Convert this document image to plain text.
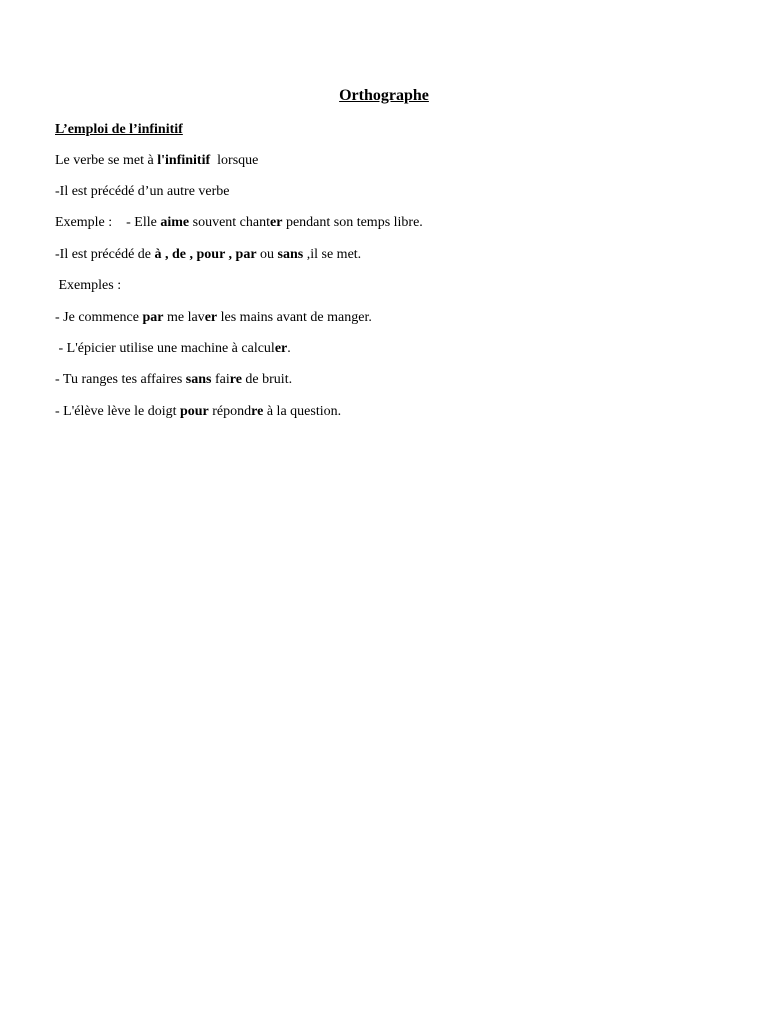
Orthographe
L’emploi de l’infinitif
Le verbe se met à l'infinitif  lorsque
-Il est précédé d’un autre verbe
Exemple :    - Elle aime souvent chanter pendant son temps libre.
-Il est précédé de à , de , pour , par ou sans ,il se met.
Exemples :
- Je commence par me laver les mains avant de manger.
- L'épicier utilise une machine à calculer.
- Tu ranges tes affaires sans faire de bruit.
- L'élève lève le doigt pour répondre à la question.
